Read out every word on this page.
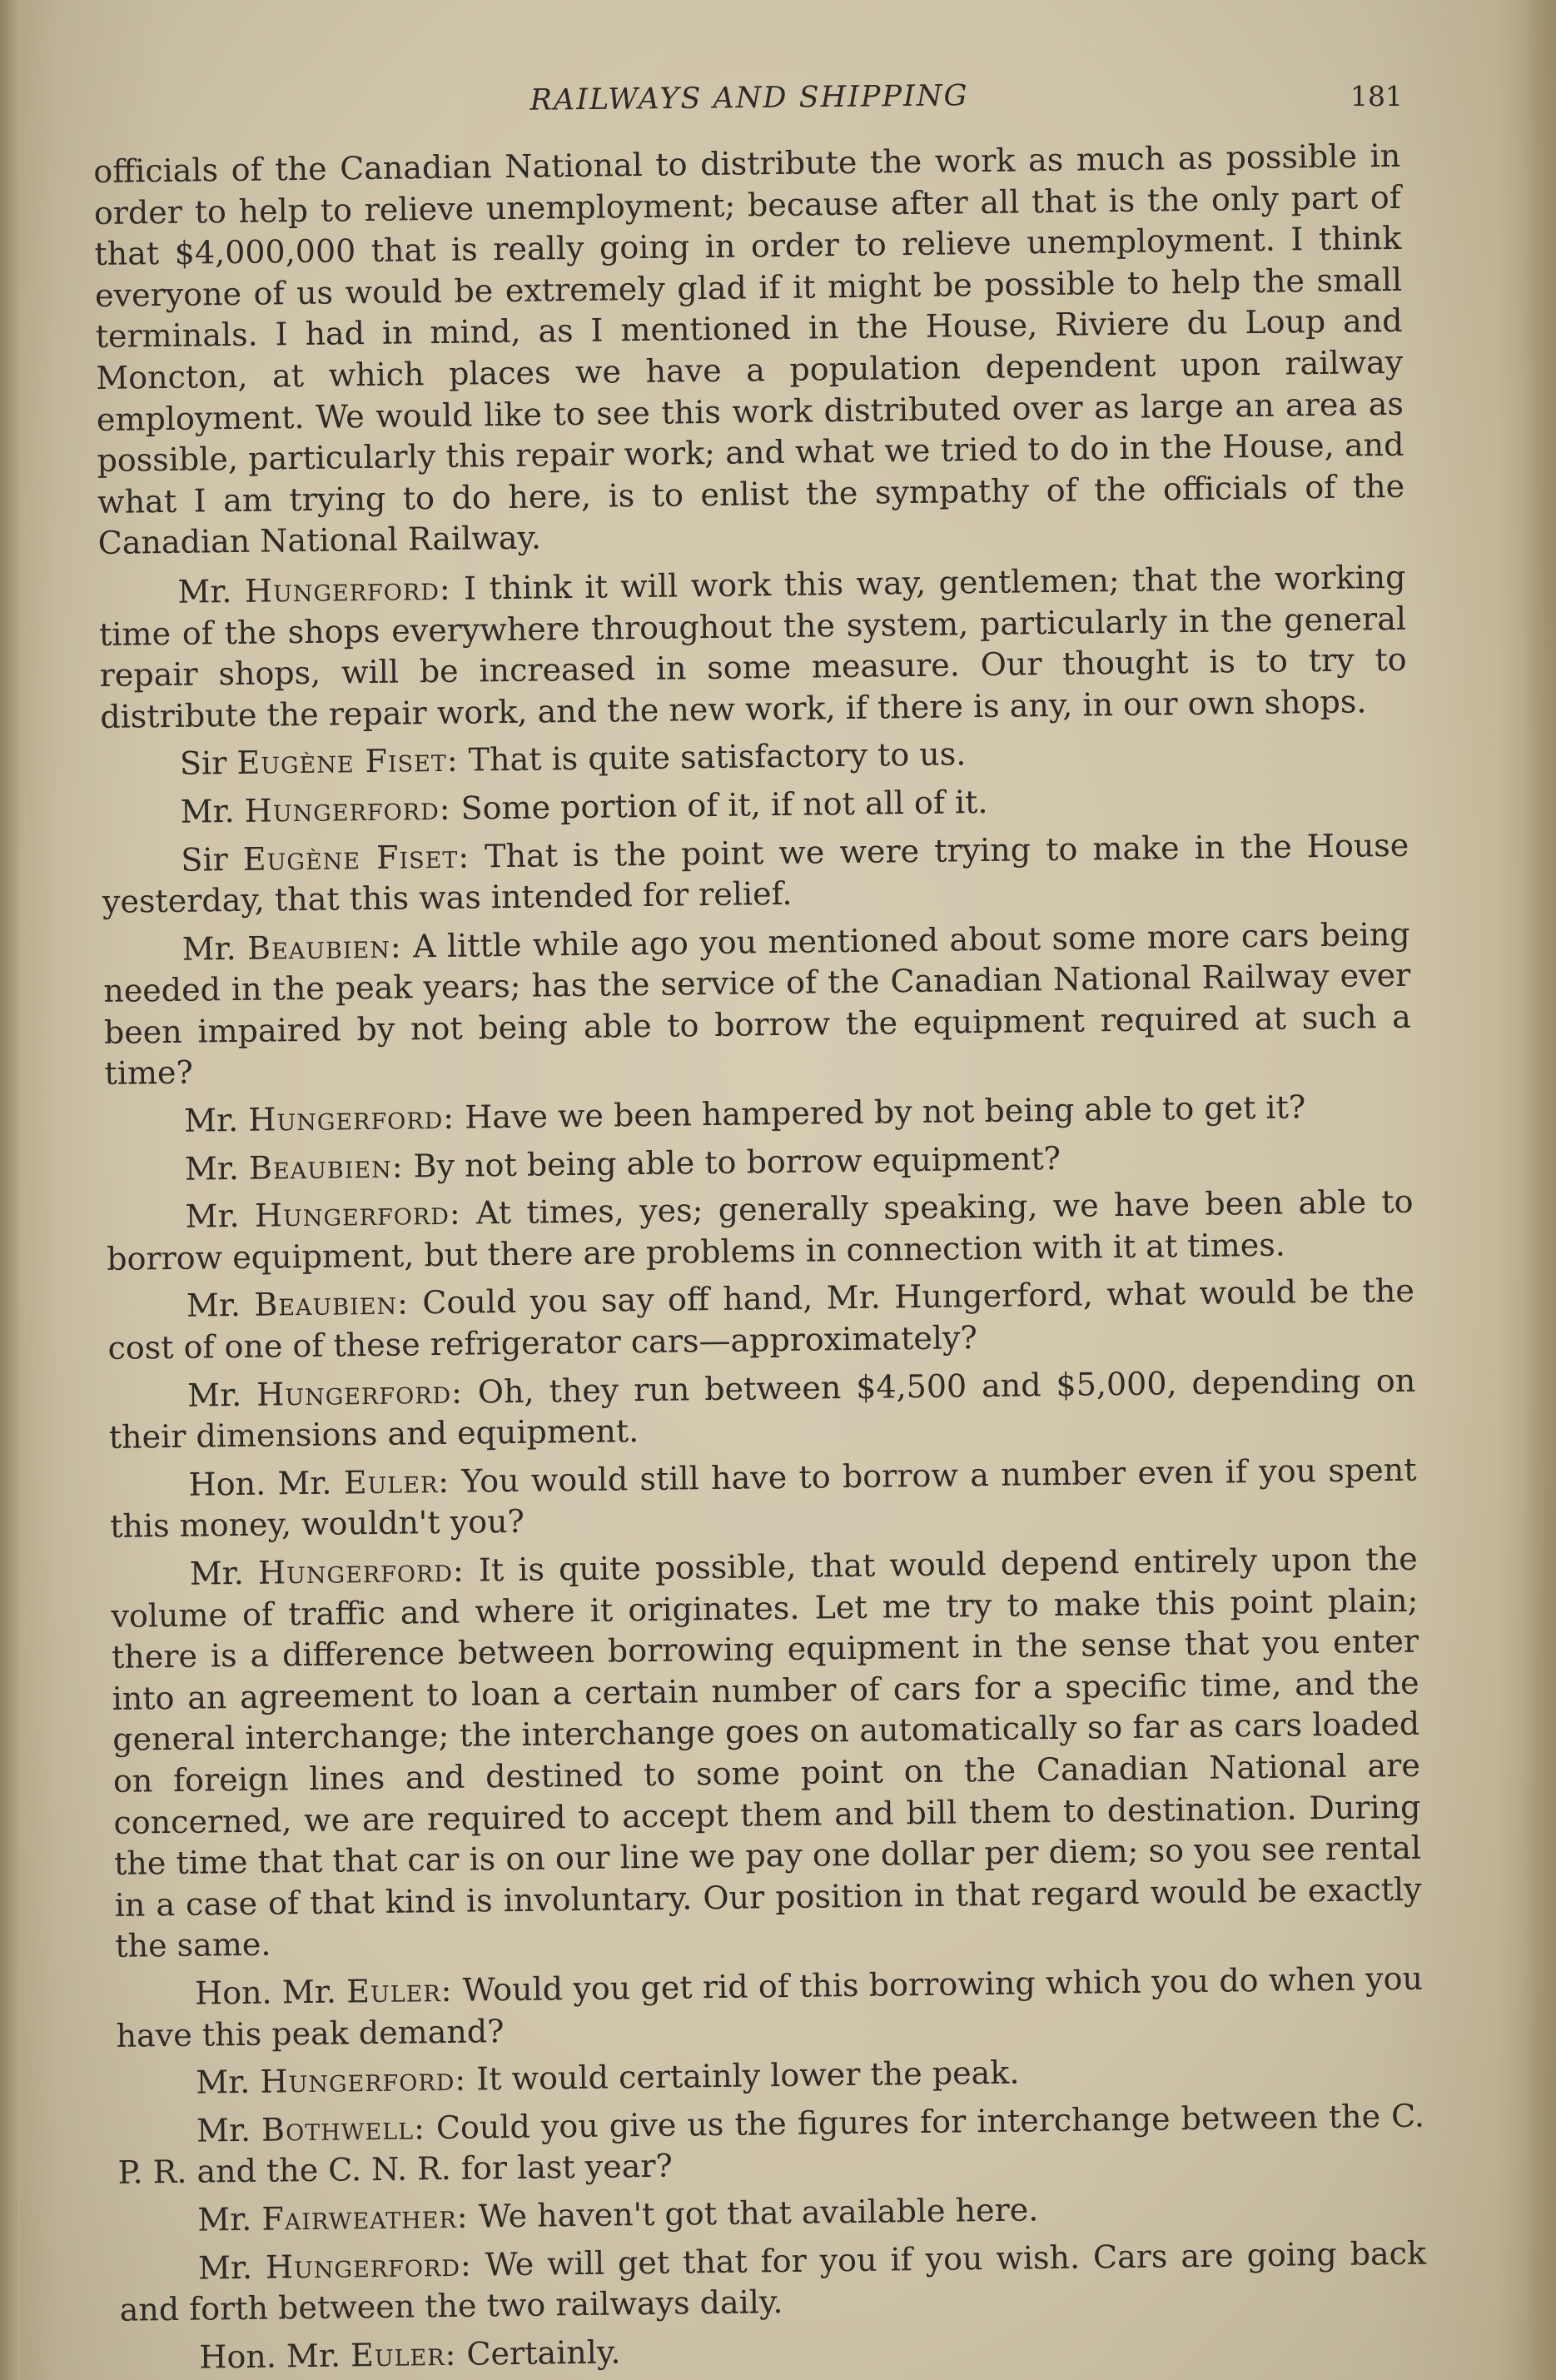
RAILWAYS AND SHIPPING	181

officials of the Canadian National to distribute the work as much as possible in order to help to relieve unemployment; because after all that is the only part of that $4,000,000 that is really going in order to relieve unemployment. I think everyone of us would be extremely glad if it might be possible to help the small terminals. I had in mind, as I mentioned in the House, Riviere du Loup and Moncton, at which places we have a population dependent upon railway employment. We would like to see this work distributed over as large an area as possible, particularly this repair work; and what we tried to do in the House, and what I am trying to do here, is to enlist the sympathy of the officials of the Canadian National Railway.

Mr. Hungerford: I think it will work this way, gentlemen; that the working time of the shops everywhere throughout the system, particularly in the general repair shops, will be increased in some measure. Our thought is to try to distribute the repair work, and the new work, if there is any, in our own shops.

Sir Eugène Fiset: That is quite satisfactory to us.

Mr. Hungerford: Some portion of it, if not all of it.

Sir Eugène Fiset: That is the point we were trying to make in the House yesterday, that this was intended for relief.

Mr. Beaubien: A little while ago you mentioned about some more cars being needed in the peak years; has the service of the Canadian National Railway ever been impaired by not being able to borrow the equipment required at such a time?

Mr. Hungerford: Have we been hampered by not being able to get it?

Mr. Beaubien: By not being able to borrow equipment?

Mr. Hungerford: At times, yes; generally speaking, we have been able to borrow equipment, but there are problems in connection with it at times.

Mr. Beaubien: Could you say off hand, Mr. Hungerford, what would be the cost of one of these refrigerator cars—approximately?

Mr. Hungerford: Oh, they run between $4,500 and $5,000, depending on their dimensions and equipment.

Hon. Mr. Euler: You would still have to borrow a number even if you spent this money, wouldn't you?

Mr. Hungerford: It is quite possible, that would depend entirely upon the volume of traffic and where it originates. Let me try to make this point plain; there is a difference between borrowing equipment in the sense that you enter into an agreement to loan a certain number of cars for a specific time, and the general interchange; the interchange goes on automatically so far as cars loaded on foreign lines and destined to some point on the Canadian National are concerned, we are required to accept them and bill them to destination. During the time that that car is on our line we pay one dollar per diem; so you see rental in a case of that kind is involuntary. Our position in that regard would be exactly the same.

Hon. Mr. Euler: Would you get rid of this borrowing which you do when you have this peak demand?

Mr. Hungerford: It would certainly lower the peak.

Mr. Bothwell: Could you give us the figures for interchange between the C. P. R. and the C. N. R. for last year?

Mr. Fairweather: We haven't got that available here.

Mr. Hungerford: We will get that for you if you wish. Cars are going back and forth between the two railways daily.

Hon. Mr. Euler: Certainly.
